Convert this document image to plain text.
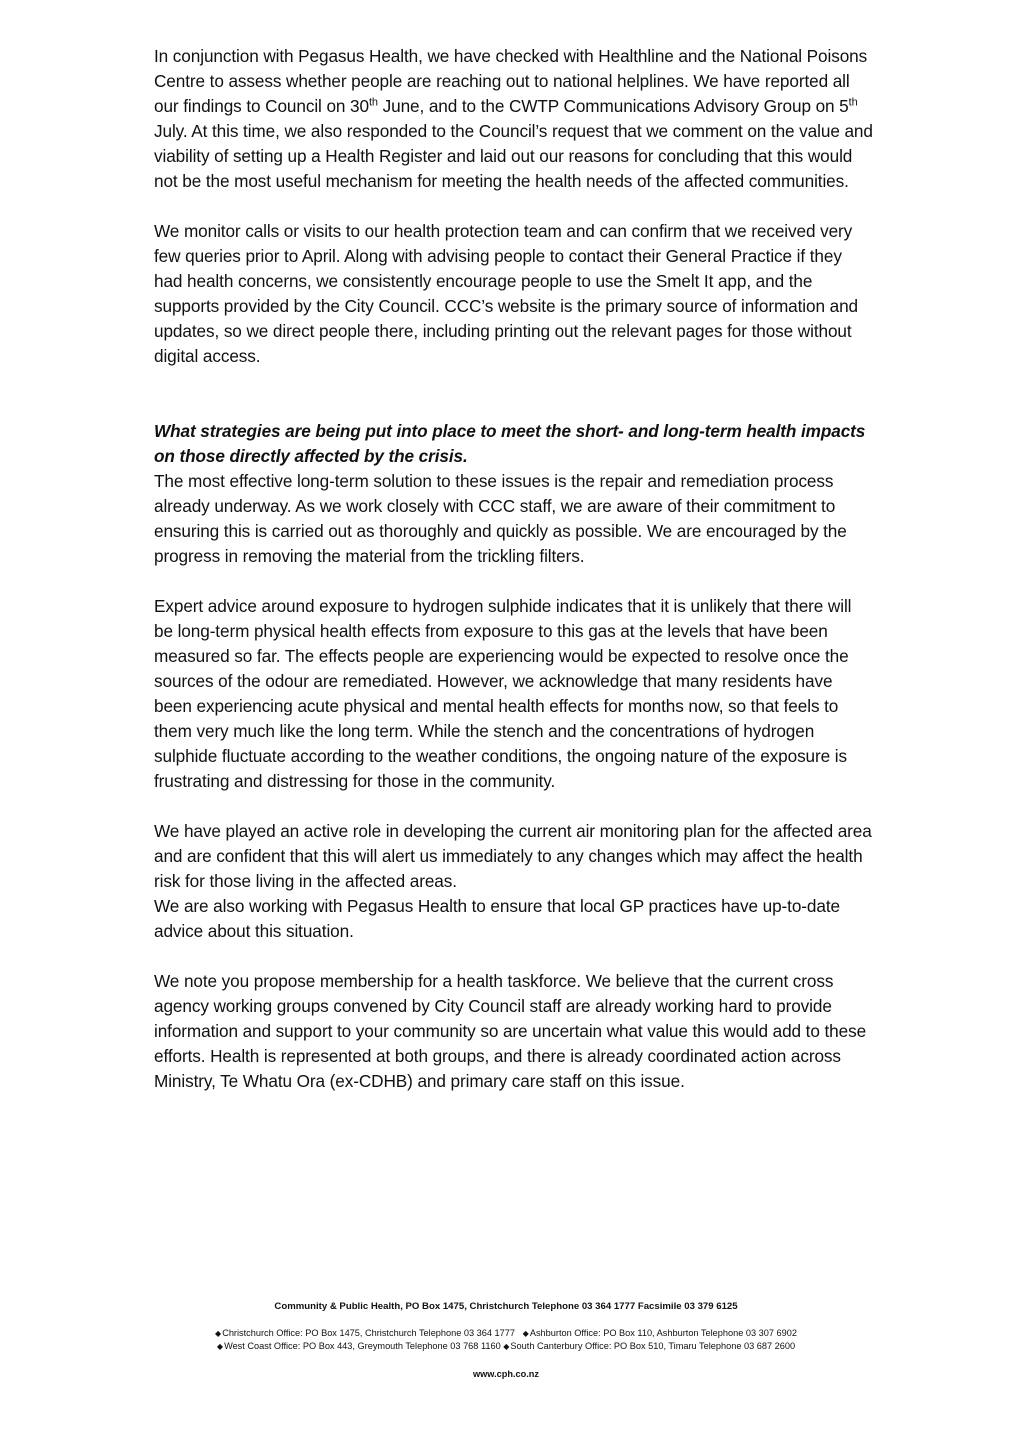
In conjunction with Pegasus Health, we have checked with Healthline and the National Poisons Centre to assess whether people are reaching out to national helplines. We have reported all our findings to Council on 30th June, and to the CWTP Communications Advisory Group on 5th July. At this time, we also responded to the Council’s request that we comment on the value and viability of setting up a Health Register and laid out our reasons for concluding that this would not be the most useful mechanism for meeting the health needs of the affected communities.

We monitor calls or visits to our health protection team and can confirm that we received very few queries prior to April. Along with advising people to contact their General Practice if they had health concerns, we consistently encourage people to use the Smelt It app, and the supports provided by the City Council. CCC’s website is the primary source of information and updates, so we direct people there, including printing out the relevant pages for those without digital access.

What strategies are being put into place to meet the short- and long-term health impacts on those directly affected by the crisis.

The most effective long-term solution to these issues is the repair and remediation process already underway. As we work closely with CCC staff, we are aware of their commitment to ensuring this is carried out as thoroughly and quickly as possible. We are encouraged by the progress in removing the material from the trickling filters.

Expert advice around exposure to hydrogen sulphide indicates that it is unlikely that there will be long-term physical health effects from exposure to this gas at the levels that have been measured so far. The effects people are experiencing would be expected to resolve once the sources of the odour are remediated. However, we acknowledge that many residents have been experiencing acute physical and mental health effects for months now, so that feels to them very much like the long term. While the stench and the concentrations of hydrogen sulphide fluctuate according to the weather conditions, the ongoing nature of the exposure is frustrating and distressing for those in the community.

We have played an active role in developing the current air monitoring plan for the affected area and are confident that this will alert us immediately to any changes which may affect the health risk for those living in the affected areas.
We are also working with Pegasus Health to ensure that local GP practices have up-to-date advice about this situation.

We note you propose membership for a health taskforce. We believe that the current cross agency working groups convened by City Council staff are already working hard to provide information and support to your community so are uncertain what value this would add to these efforts. Health is represented at both groups, and there is already coordinated action across Ministry, Te Whatu Ora (ex-CDHB) and primary care staff on this issue.

Community & Public Health, PO Box 1475, Christchurch Telephone 03 364 1777 Facsimile 03 379 6125
◆Christchurch Office: PO Box 1475, Christchurch Telephone 03 364 1777 ◆Ashburton Office: PO Box 110, Ashburton Telephone 03 307 6902
◆West Coast Office: PO Box 443, Greymouth Telephone 03 768 1160 ◆South Canterbury Office: PO Box 510, Timaru Telephone 03 687 2600
www.cph.co.nz
